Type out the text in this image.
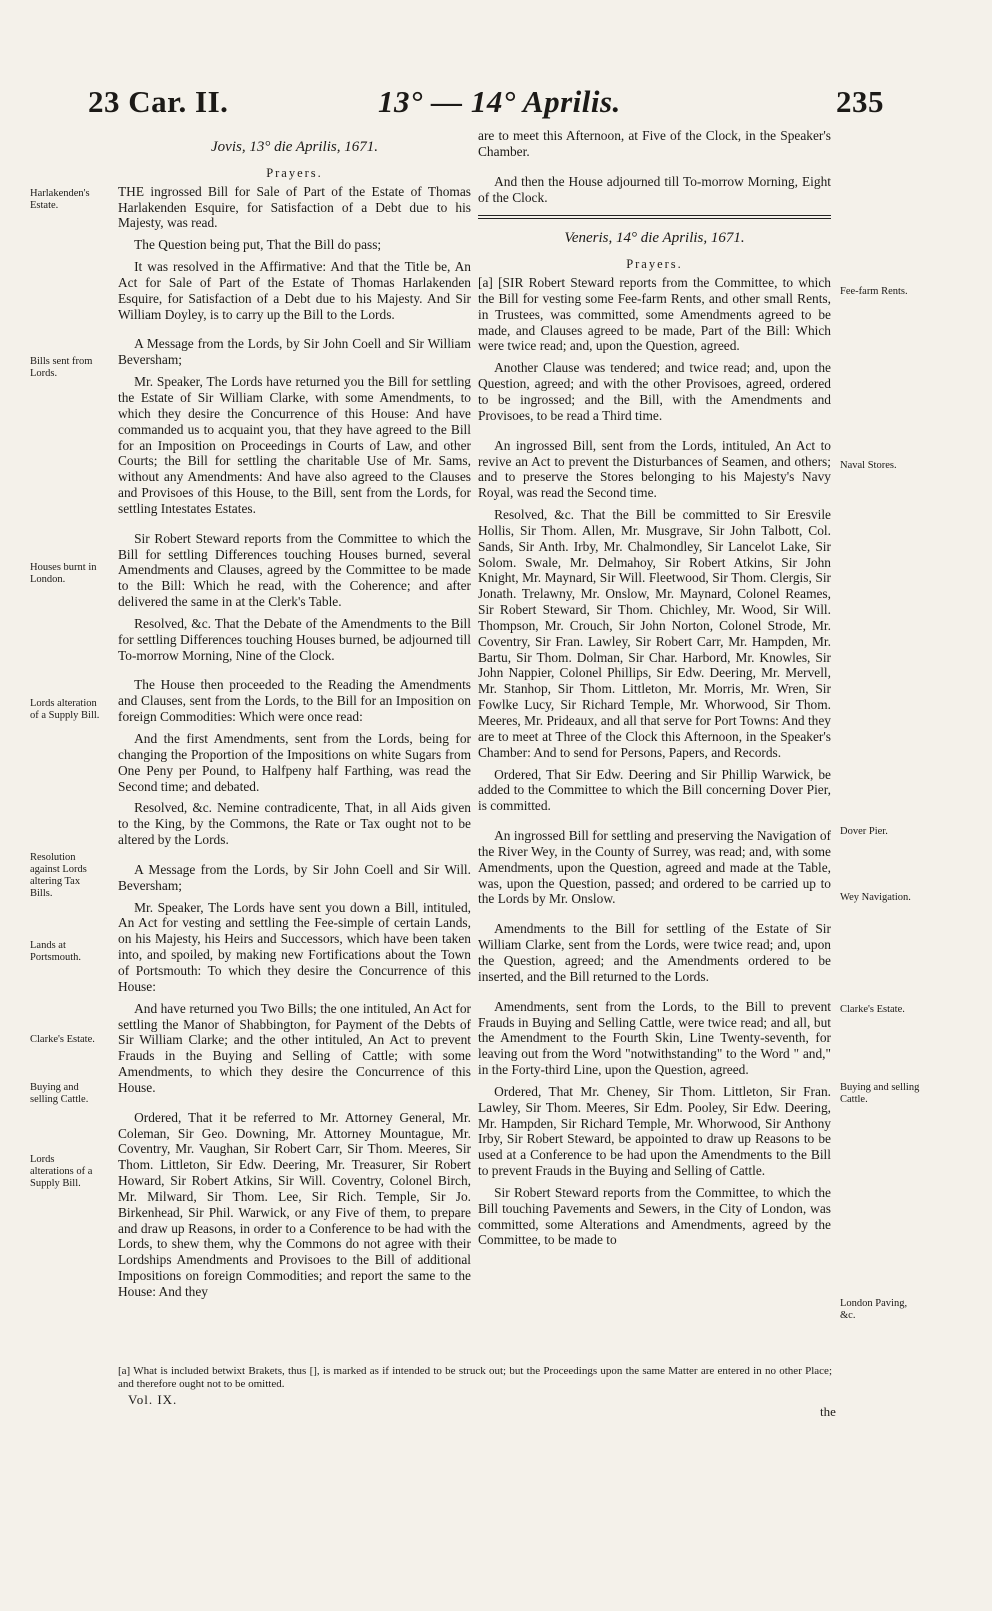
23 Car. II.	13° — 14° Aprilis.	235
Harlakenden's Estate.
Bills sent from Lords.
Houses burnt in London.
Lords alteration of a Supply Bill.
Resolution against Lords altering Tax Bills.
Lands at Portsmouth.
Clarke's Estate.
Buying and selling Cattle.
Lords alterations of a Supply Bill.
Fee-farm Rents.
Naval Stores.
Dover Pier.
Wey Navigation.
Clarke's Estate.
Buying and selling Cattle.
London Paving, &c.
Jovis, 13° die Aprilis, 1671.
Prayers.

THE ingrossed Bill for Sale of Part of the Estate of Thomas Harlakenden Esquire, for Satisfaction of a Debt due to his Majesty, was read.

The Question being put, That the Bill do pass;

It was resolved in the Affirmative: And that the Title be, An Act for Sale of Part of the Estate of Thomas Harlakenden Esquire, for Satisfaction of a Debt due to his Majesty. And Sir William Doyley, is to carry up the Bill to the Lords.

A Message from the Lords, by Sir John Coell and Sir William Beversham;

Mr. Speaker, The Lords have returned you the Bill for settling the Estate of Sir William Clarke, with some Amendments, to which they desire the Concurrence of this House: And have commanded us to acquaint you, that they have agreed to the Bill for an Imposition on Proceedings in Courts of Law, and other Courts; the Bill for settling the charitable Use of Mr. Sams, without any Amendments: And have also agreed to the Clauses and Provisoes of this House, to the Bill, sent from the Lords, for settling Intestates Estates.

Sir Robert Steward reports from the Committee to which the Bill for settling Differences touching Houses burned, several Amendments and Clauses, agreed by the Committee to be made to the Bill: Which he read, with the Coherence; and after delivered the same in at the Clerk's Table.

Resolved, &c. That the Debate of the Amendments to the Bill for settling Differences touching Houses burned, be adjourned till To-morrow Morning, Nine of the Clock.

The House then proceeded to the Reading the Amendments and Clauses, sent from the Lords, to the Bill for an Imposition on foreign Commodities: Which were once read:

And the first Amendments, sent from the Lords, being for changing the Proportion of the Impositions on white Sugars from One Peny per Pound, to Halfpeny half Farthing, was read the Second time; and debated.

Resolved, &c. Nemine contradicente, That, in all Aids given to the King, by the Commons, the Rate or Tax ought not to be altered by the Lords.

A Message from the Lords, by Sir John Coell and Sir Will. Beversham;

Mr. Speaker, The Lords have sent you down a Bill, intituled, An Act for vesting and settling the Fee-simple of certain Lands, on his Majesty, his Heirs and Successors, which have been taken into, and spoiled, by making new Fortifications about the Town of Portsmouth: To which they desire the Concurrence of this House:

And have returned you Two Bills; the one intituled, An Act for settling the Manor of Shabbington, for Payment of the Debts of Sir William Clarke; and the other intituled, An Act to prevent Frauds in the Buying and Selling of Cattle; with some Amendments, to which they desire the Concurrence of this House.

Ordered, That it be referred to Mr. Attorney General, Mr. Coleman, Sir Geo. Downing, Mr. Attorney Mountague, Mr. Coventry, Mr. Vaughan, Sir Robert Carr, Sir Thom. Meeres, Sir Thom. Littleton, Sir Edw. Deering, Mr. Treasurer, Sir Robert Howard, Sir Robert Atkins, Sir Will. Coventry, Colonel Birch, Mr. Milward, Sir Thom. Lee, Sir Rich. Temple, Sir Jo. Birkenhead, Sir Phil. Warwick, or any Five of them, to prepare and draw up Reasons, in order to a Conference to be had with the Lords, to shew them, why the Commons do not agree with their Lordships Amendments and Provisoes to the Bill of additional Impositions on foreign Commodities; and report the same to the House: And they

are to meet this Afternoon, at Five of the Clock, in the Speaker's Chamber.

And then the House adjourned till To-morrow Morning, Eight of the Clock.

Veneris, 14° die Aprilis, 1671.
Prayers.

[a] [SIR Robert Steward reports from the Committee, to which the Bill for vesting some Fee-farm Rents, and other small Rents, in Trustees, was committed, some Amendments agreed to be made, and Clauses agreed to be made, Part of the Bill: Which were twice read; and, upon the Question, agreed.

Another Clause was tendered; and twice read; and, upon the Question, agreed; and with the other Provisoes, agreed, ordered to be ingrossed; and the Bill, with the Amendments and Provisoes, to be read a Third time.

An ingrossed Bill, sent from the Lords, intituled, An Act to revive an Act to prevent the Disturbances of Seamen, and others; and to preserve the Stores belonging to his Majesty's Navy Royal, was read the Second time.

Resolved, &c. That the Bill be committed to Sir Eresvile Hollis, Sir Thom. Allen, Mr. Musgrave, Sir John Talbott, Col. Sands, Sir Anth. Irby, Mr. Chalmondley, Sir Lancelot Lake, Sir Solom. Swale, Mr. Delmahoy, Sir Robert Atkins, Sir John Knight, Mr. Maynard, Sir Will. Fleetwood, Sir Thom. Clergis, Sir Jonath. Trelawny, Mr. Onslow, Mr. Maynard, Colonel Reames, Sir Robert Steward, Sir Thom. Chichley, Mr. Wood, Sir Will. Thompson, Mr. Crouch, Sir John Norton, Colonel Strode, Mr. Coventry, Sir Fran. Lawley, Sir Robert Carr, Mr. Hampden, Mr. Bartu, Sir Thom. Dolman, Sir Char. Harbord, Mr. Knowles, Sir John Nappier, Colonel Phillips, Sir Edw. Deering, Mr. Mervell, Mr. Stanhop, Sir Thom. Littleton, Mr. Morris, Mr. Wren, Sir Fowlke Lucy, Sir Richard Temple, Mr. Whorwood, Sir Thom. Meeres, Mr. Prideaux, and all that serve for Port Towns: And they are to meet at Three of the Clock this Afternoon, in the Speaker's Chamber: And to send for Persons, Papers, and Records.

Ordered, That Sir Edw. Deering and Sir Phillip Warwick, be added to the Committee to which the Bill concerning Dover Pier, is committed.

An ingrossed Bill for settling and preserving the Navigation of the River Wey, in the County of Surrey, was read; and, with some Amendments, upon the Question, agreed and made at the Table, was, upon the Question, passed; and ordered to be carried up to the Lords by Mr. Onslow.

Amendments to the Bill for settling of the Estate of Sir William Clarke, sent from the Lords, were twice read; and, upon the Question, agreed; and the Amendments ordered to be inserted, and the Bill returned to the Lords.

Amendments, sent from the Lords, to the Bill to prevent Frauds in Buying and Selling Cattle, were twice read; and all, but the Amendment to the Fourth Skin, Line Twenty-seventh, for leaving out from the Word "notwithstanding" to the Word " and," in the Forty-third Line, upon the Question, agreed.

Ordered, That Mr. Cheney, Sir Thom. Littleton, Sir Fran. Lawley, Sir Thom. Meeres, Sir Edm. Pooley, Sir Edw. Deering, Mr. Hampden, Sir Richard Temple, Mr. Whorwood, Sir Anthony Irby, Sir Robert Steward, be appointed to draw up Reasons to be used at a Conference to be had upon the Amendments to the Bill to prevent Frauds in the Buying and Selling of Cattle.

Sir Robert Steward reports from the Committee, to which the Bill touching Pavements and Sewers, in the City of London, was committed, some Alterations and Amendments, agreed by the Committee, to be made to

[a] What is included betwixt Brakets, thus [], is marked as if intended to be struck out; but the Proceedings upon the same Matter are entered in no other Place; and therefore ought not to be omitted.
Vol. IX.
the
